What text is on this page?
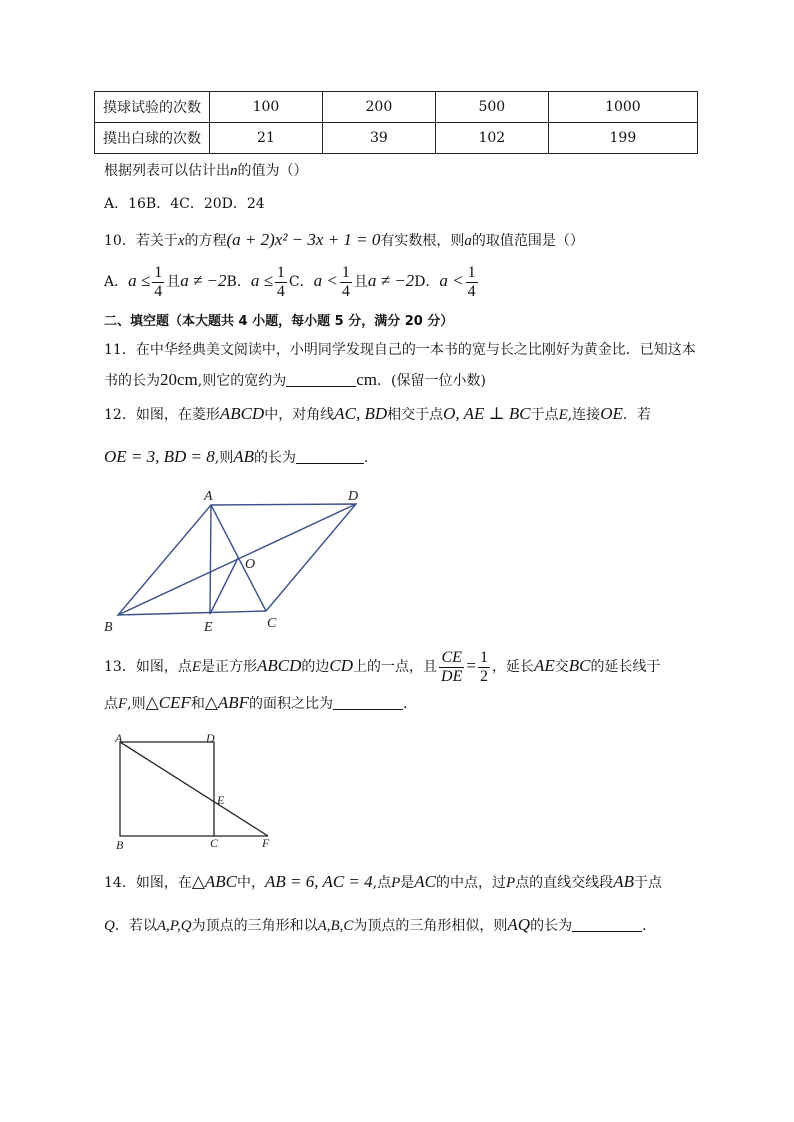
摸球试验的次数	100	200	500	1000
摸出白球的次数	21	39	102	199
根据列表可以估计出n的值为（）
A．16B．4C．20D．24
10．若关于x的方程(a + 2)x² − 3x + 1 = 0有实数根，则a的取值范围是（）
A．$a \le \frac{1}{4}$ 且a ≠ −2B．$a \le \frac{1}{4}$ C．$a < \frac{1}{4}$ 且a ≠ −2D．$a < \frac{1}{4}$
二、填空题（本大题共 4 小题，每小题 5 分，满分 20 分）
11．在中华经典美文阅读中，小明同学发现自己的一本书的宽与长之比刚好为黄金比．已知这本
书的长为20cm,则它的宽约为	cm．(保留一位小数)
12．如图，在菱形ABCD中，对角线AC, BD相交于点O, AE ⊥ BC于点E,连接OE．若
OE = 3, BD = 8,则AB的长为	．
A	D
O
B	E	C
13．如图，点E是正方形ABCD的边CD上的一点，且 $\frac{CE}{DE} = \frac{1}{2}$ ，延长AE交BC的延长线于
点F,则△CEF和△ABF的面积之比为	．
A	D
E
B	C	F
14．如图，在△ABC中，AB = 6, AC = 4,点P是AC的中点，过P点的直线交线段AB于点
Q．若以A,P,Q为顶点的三角形和以A,B,C为顶点的三角形相似，则AQ的长为	．
